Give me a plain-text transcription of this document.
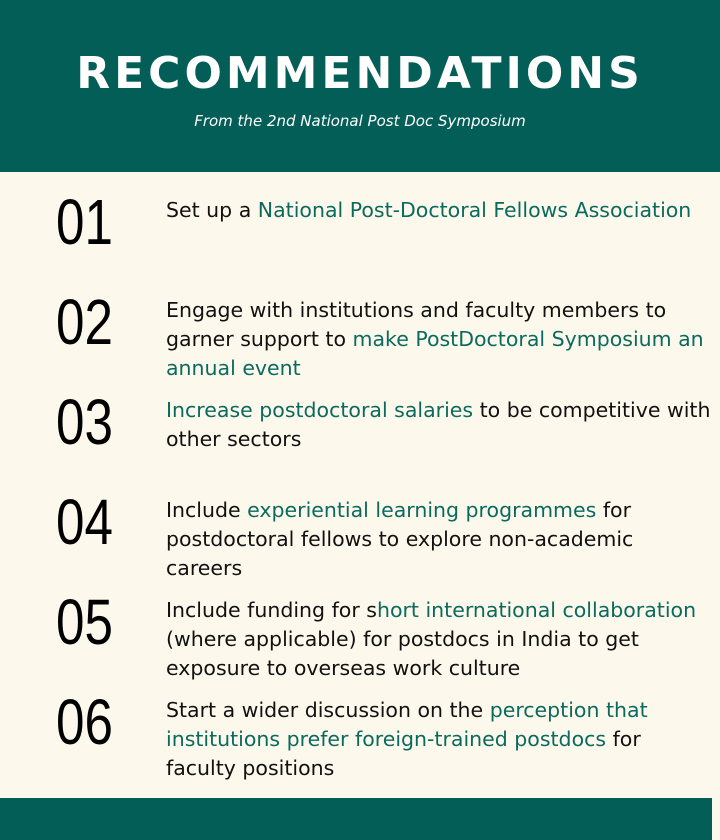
RECOMMENDATIONS
From the 2nd National Post Doc Symposium
01	Set up a National Post-Doctoral Fellows Association
02	Engage with institutions and faculty members to garner support to make PostDoctoral Symposium an annual event
03	Increase postdoctoral salaries to be competitive with other sectors
04	Include experiential learning programmes for postdoctoral fellows to explore non-academic careers
05	Include funding for short international collaboration (where applicable) for postdocs in India to get exposure to overseas work culture
06	Start a wider discussion on the perception that institutions prefer foreign-trained postdocs for faculty positions
